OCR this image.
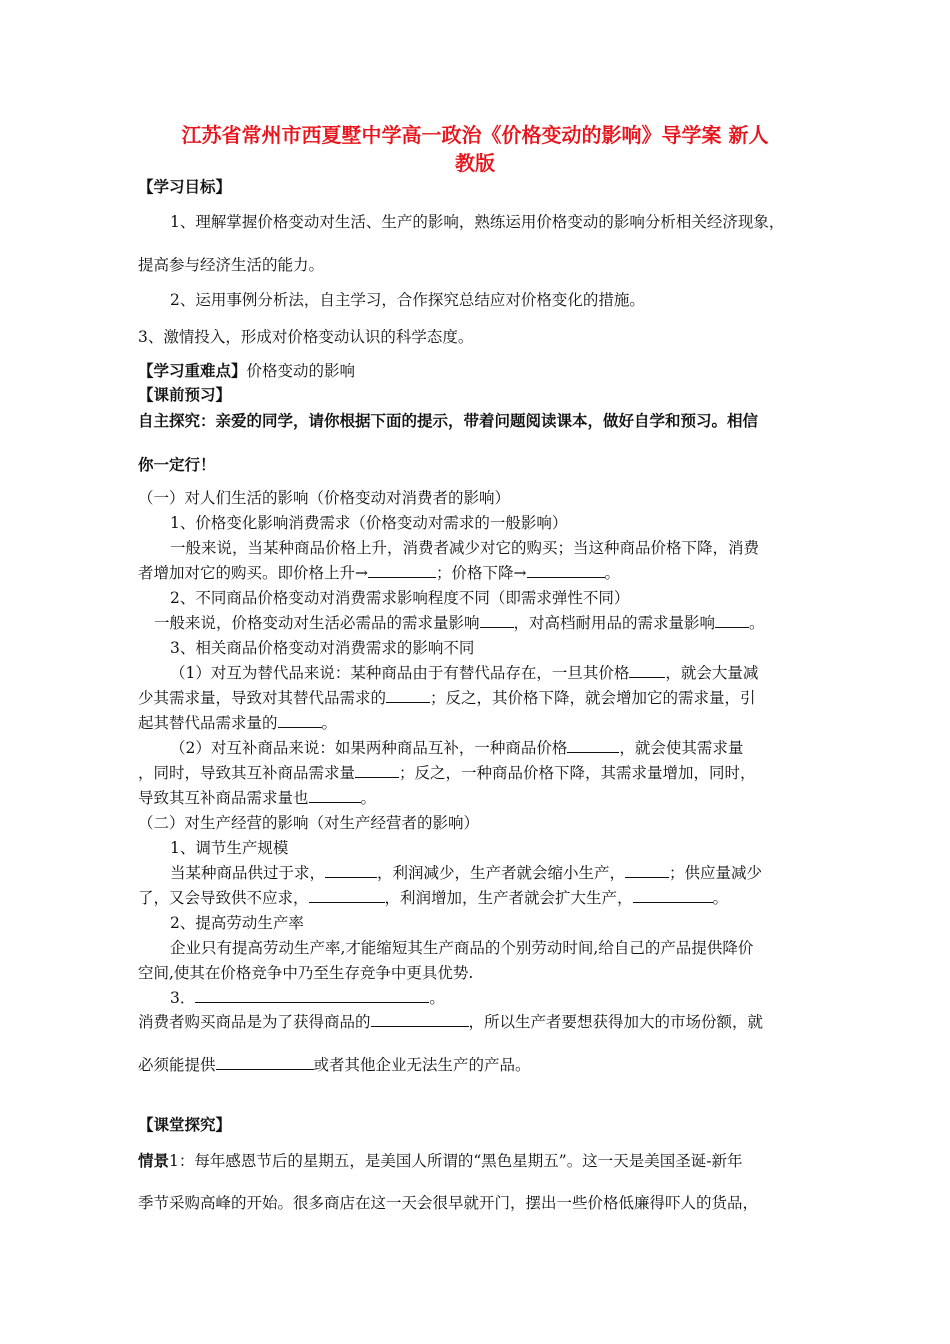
江苏省常州市西夏墅中学高一政治《价格变动的影响》导学案 新人
教版
【学习目标】
1、理解掌握价格变动对生活、生产的影响，熟练运用价格变动的影响分析相关经济现象，
提高参与经济生活的能力。
2、运用事例分析法，自主学习，合作探究总结应对价格变化的措施。
3、激情投入，形成对价格变动认识的科学态度。
【学习重难点】价格变动的影响
【课前预习】
自主探究：亲爱的同学，请你根据下面的提示，带着问题阅读课本，做好自学和预习。相信
你一定行！
（一）对人们生活的影响（价格变动对消费者的影响）
1、价格变化影响消费需求（价格变动对需求的一般影响）
一般来说，当某种商品价格上升，消费者减少对它的购买；当这种商品价格下降，消费
者增加对它的购买。即价格上升→	；价格下降→	。
2、不同商品价格变动对消费需求影响程度不同（即需求弹性不同）
一般来说，价格变动对生活必需品的需求量影响 ，对高档耐用品的需求量影响 。
3、相关商品价格变动对消费需求的影响不同
（1）对互为替代品来说：某种商品由于有替代品存在，一旦其价格 ，就会大量减
少其需求量，导致对其替代品需求的	；反之，其价格下降，就会增加它的需求量，引
起其替代品需求量的	。
（2）对互补商品来说：如果两种商品互补，一种商品价格	，就会使其需求量
，同时，导致其互补商品需求量	；反之，一种商品价格下降，其需求量增加，同时，
导致其互补商品需求量也	。
（二）对生产经营的影响（对生产经营者的影响）
1、调节生产规模
当某种商品供过于求，	，利润减少，生产者就会缩小生产，	；供应量减少
了，又会导致供不应求，	，利润增加，生产者就会扩大生产，	。
2、提高劳动生产率
企业只有提高劳动生产率,才能缩短其生产商品的个别劳动时间,给自己的产品提供降价
空间,使其在价格竞争中乃至生存竞争中更具优势.
3．	。
消费者购买商品是为了获得商品的	，所以生产者要想获得加大的市场份额，就
必须能提供	或者其他企业无法生产的产品。
【课堂探究】
情景1：每年感恩节后的星期五，是美国人所谓的“黑色星期五”。这一天是美国圣诞-新年
季节采购高峰的开始。很多商店在这一天会很早就开门，摆出一些价格低廉得吓人的货品，
